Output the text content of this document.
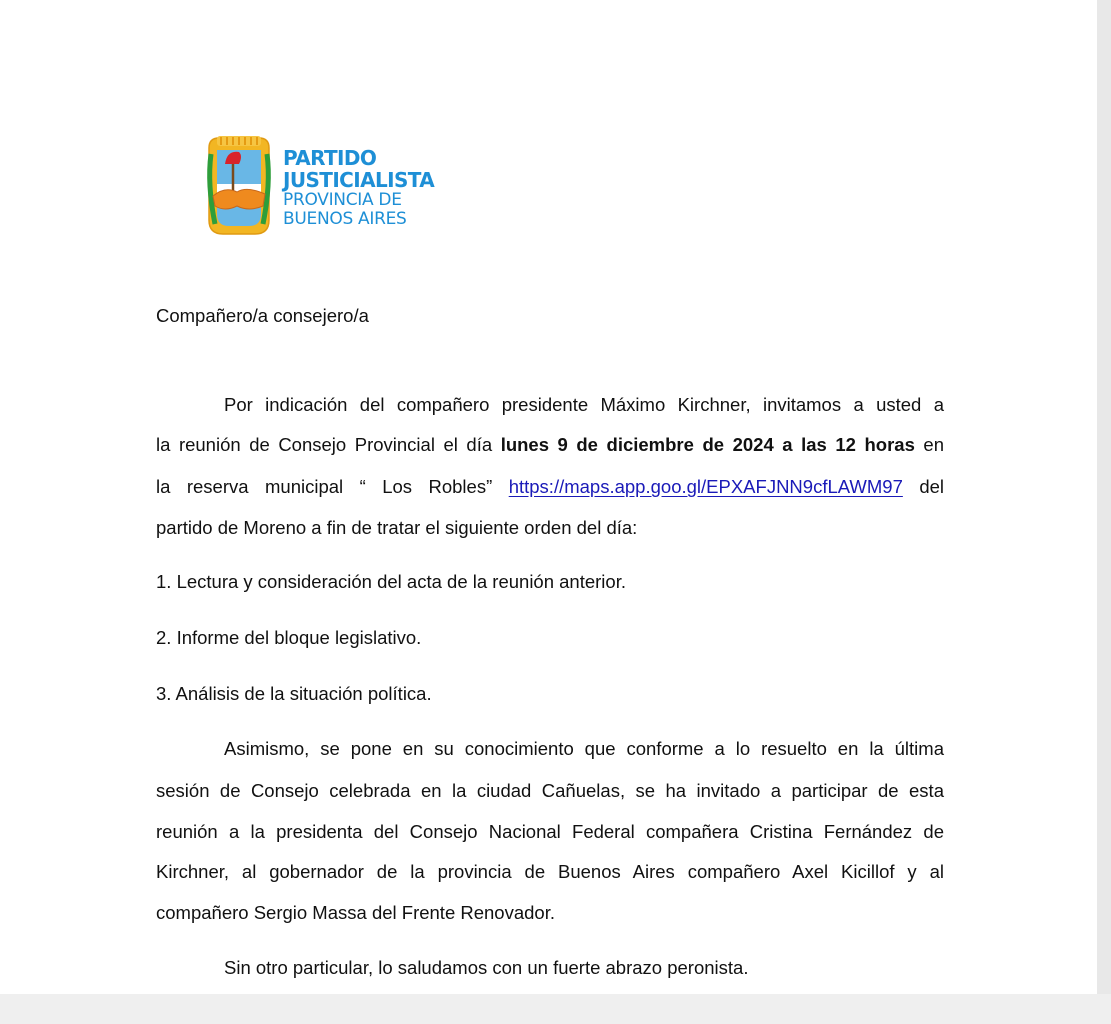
PARTIDO
JUSTICIALISTA
PROVINCIA DE
BUENOS AIRES
Compañero/a consejero/a
Por indicación del compañero presidente Máximo Kirchner, invitamos a usted a
la reunión de Consejo Provincial el día lunes 9 de diciembre de 2024 a las 12 horas en
la reserva municipal “ Los Robles” https://maps.app.goo.gl/EPXAFJNN9cfLAWM97 del
partido de Moreno a fin de tratar el siguiente orden del día:
1. Lectura y consideración del acta de la reunión anterior.
2. Informe del bloque legislativo.
3. Análisis de la situación política.
Asimismo, se pone en su conocimiento que conforme a lo resuelto en la última
sesión de Consejo celebrada en la ciudad Cañuelas, se ha invitado a participar de esta
reunión a la presidenta del Consejo Nacional Federal compañera Cristina Fernández de
Kirchner, al gobernador de la provincia de Buenos Aires compañero Axel Kicillof y al
compañero Sergio Massa del Frente Renovador.
Sin otro particular, lo saludamos con un fuerte abrazo peronista.
